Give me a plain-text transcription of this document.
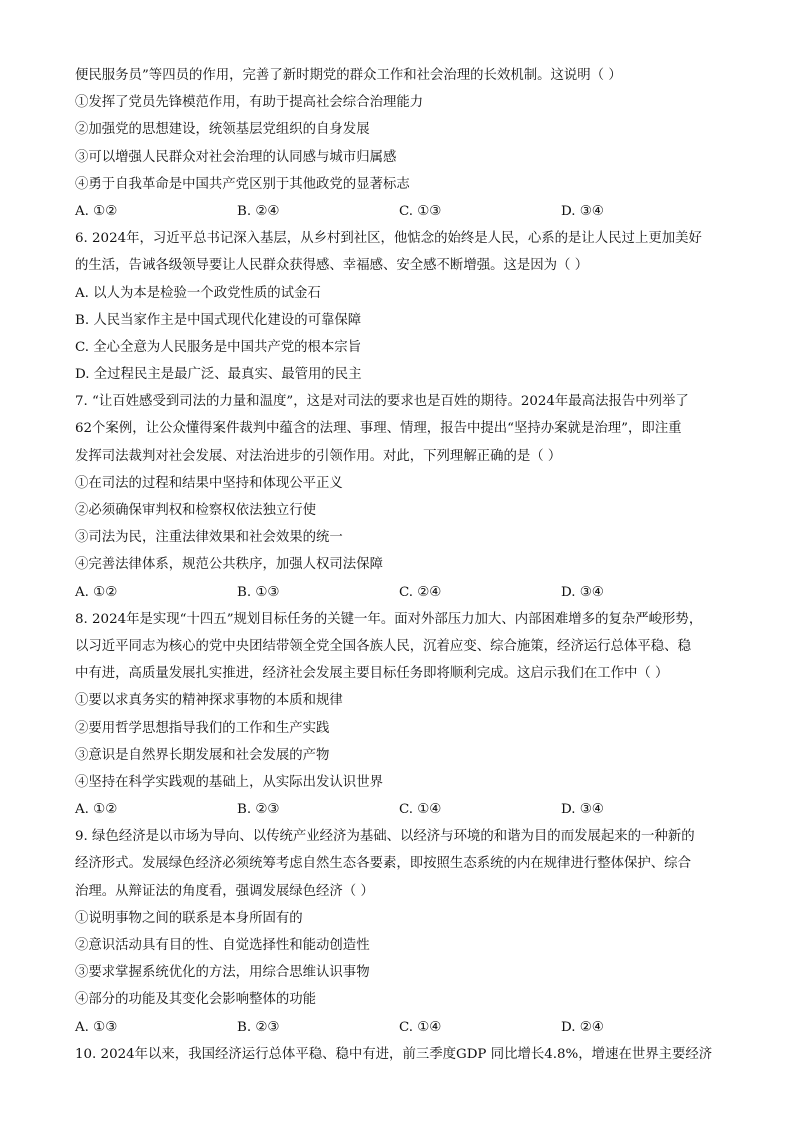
便民服务员”等四员的作用，完善了新时期党的群众工作和社会治理的长效机制。这说明（ ）
①发挥了党员先锋模范作用，有助于提高社会综合治理能力
②加强党的思想建设，统领基层党组织的自身发展
③可以增强人民群众对社会治理的认同感与城市归属感
④勇于自我革命是中国共产党区别于其他政党的显著标志
A. ①②	B. ②④	C. ①③	D. ③④
6. 2024年，习近平总书记深入基层，从乡村到社区，他惦念的始终是人民，心系的是让人民过上更加美好
的生活，告诫各级领导要让人民群众获得感、幸福感、安全感不断增强。这是因为（ ）
A. 以人为本是检验一个政党性质的试金石
B. 人民当家作主是中国式现代化建设的可靠保障
C. 全心全意为人民服务是中国共产党的根本宗旨
D. 全过程民主是最广泛、最真实、最管用的民主
7. “让百姓感受到司法的力量和温度”，这是对司法的要求也是百姓的期待。2024年最高法报告中列举了
62个案例，让公众懂得案件裁判中蕴含的法理、事理、情理，报告中提出“坚持办案就是治理”，即注重
发挥司法裁判对社会发展、对法治进步的引领作用。对此，下列理解正确的是（ ）
①在司法的过程和结果中坚持和体现公平正义
②必须确保审判权和检察权依法独立行使
③司法为民，注重法律效果和社会效果的统一
④完善法律体系，规范公共秩序，加强人权司法保障
A. ①②	B. ①③	C. ②④	D. ③④
8. 2024年是实现“十四五”规划目标任务的关键一年。面对外部压力加大、内部困难增多的复杂严峻形势，
以习近平同志为核心的党中央团结带领全党全国各族人民，沉着应变、综合施策，经济运行总体平稳、稳
中有进，高质量发展扎实推进，经济社会发展主要目标任务即将顺利完成。这启示我们在工作中（ ）
①要以求真务实的精神探求事物的本质和规律
②要用哲学思想指导我们的工作和生产实践
③意识是自然界长期发展和社会发展的产物
④坚持在科学实践观的基础上，从实际出发认识世界
A. ①②	B. ②③	C. ①④	D. ③④
9. 绿色经济是以市场为导向、以传统产业经济为基础、以经济与环境的和谐为目的而发展起来的一种新的
经济形式。发展绿色经济必须统筹考虑自然生态各要素，即按照生态系统的内在规律进行整体保护、综合
治理。从辩证法的角度看，强调发展绿色经济（ ）
①说明事物之间的联系是本身所固有的
②意识活动具有目的性、自觉选择性和能动创造性
③要求掌握系统优化的方法，用综合思维认识事物
④部分的功能及其变化会影响整体的功能
A. ①③	B. ②③	C. ①④	D. ②④
10. 2024年以来，我国经济运行总体平稳、稳中有进，前三季度GDP 同比增长4.8%，增速在世界主要经济
